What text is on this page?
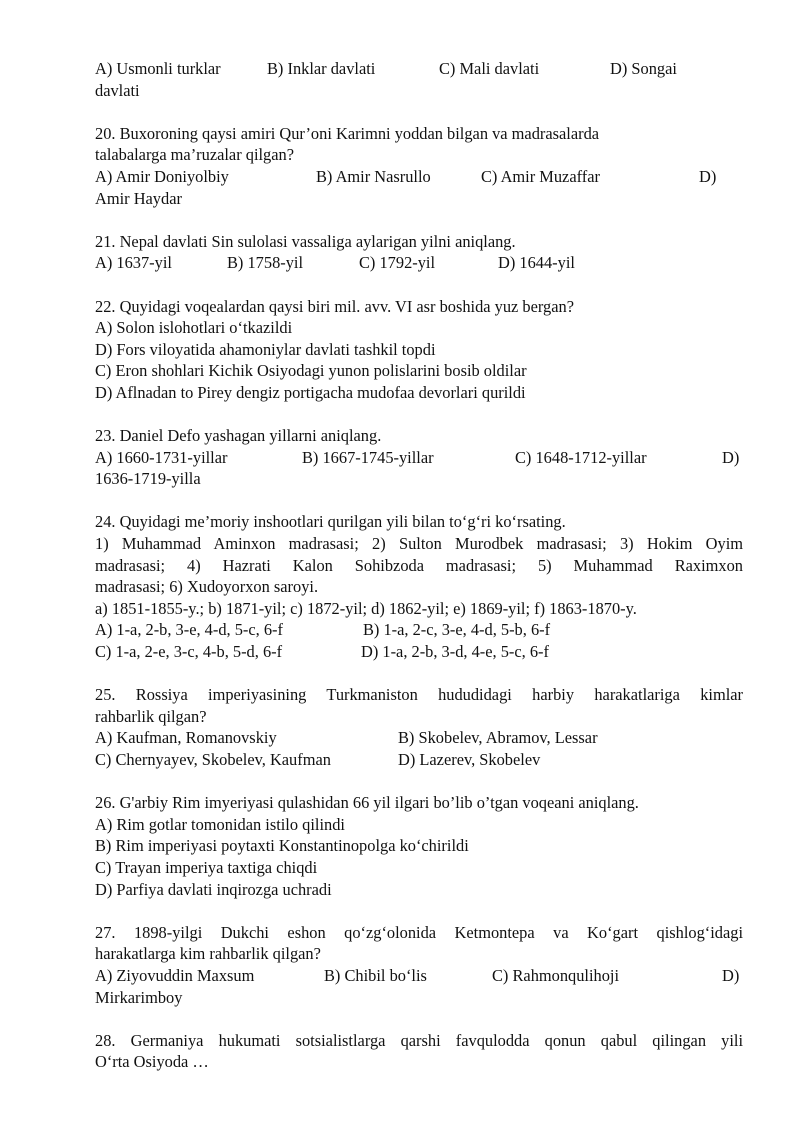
A) Usmonli turklar	B) Inklar davlati	C) Mali davlati	D) Songai
davlati
20. Buxoroning qaysi amiri Qur’oni Karimni yoddan bilgan va madrasalarda
talabalarga ma’ruzalar qilgan?
A) Amir Doniyolbiy	B) Amir Nasrullo	C) Amir Muzaffar	D)
Amir Haydar
21. Nepal davlati Sin sulolasi vassaliga aylarigan yilni aniqlang.
A) 1637-yil	B) 1758-yil	C) 1792-yil	D) 1644-yil
22. Quyidagi voqealardan qaysi biri mil. avv. VI asr boshida yuz bergan?
A) Solon islohotlari o‘tkazildi
D) Fors viloyatida ahamoniylar davlati tashkil topdi
C) Eron shohlari Kichik Osiyodagi yunon polislarini bosib oldilar
D) Aflnadan to Pirey dengiz portigacha mudofaa devorlari qurildi
23. Daniel Defo yashagan yillarni aniqlang.
A) 1660-1731-yillar	B) 1667-1745-yillar	C) 1648-1712-yillar	D)
1636-1719-yilla
24. Quyidagi me’moriy inshootlari qurilgan yili bilan to‘g‘ri ko‘rsating.
1) Muhammad Aminxon madrasasi; 2) Sulton Murodbek madrasasi; 3) Hokim Oyim
madrasasi; 4) Hazrati Kalon Sohibzoda madrasasi; 5) Muhammad Raximxon
madrasasi; 6) Xudoyorxon saroyi.
a) 1851-1855-y.; b) 1871-yil; c) 1872-yil; d) 1862-yil; e) 1869-yil; f) 1863-1870-y.
A) 1-a, 2-b, 3-e, 4-d, 5-c, 6-f	B) 1-a, 2-c, 3-e, 4-d, 5-b, 6-f
C) 1-a, 2-e, 3-c, 4-b, 5-d, 6-f	D) 1-a, 2-b, 3-d, 4-e, 5-c, 6-f
25. Rossiya imperiyasining Turkmaniston hududidagi harbiy harakatlariga kimlar
rahbarlik qilgan?
A) Kaufman, Romanovskiy	B) Skobelev, Abramov, Lessar
C) Chernyayev, Skobelev, Kaufman	D) Lazerev, Skobelev
26. G'arbiy Rim imyeriyasi qulashidan 66 yil ilgari bo’lib o’tgan voqeani aniqlang.
A) Rim gotlar tomonidan istilo qilindi
B) Rim imperiyasi poytaxti Konstantinopolga ko‘chirildi
C) Trayan imperiya taxtiga chiqdi
D) Parfiya davlati inqirozga uchradi
27. 1898-yilgi Dukchi eshon qo‘zg‘olonida Ketmontepa va Ko‘gart qishlog‘idagi
harakatlarga kim rahbarlik qilgan?
A) Ziyovuddin Maxsum	B) Chibil bo‘lis	C) Rahmonqulihoji	D)
Mirkarimboy
28. Germaniya hukumati sotsialistlarga qarshi favqulodda qonun qabul qilingan yili
O‘rta Osiyoda …
